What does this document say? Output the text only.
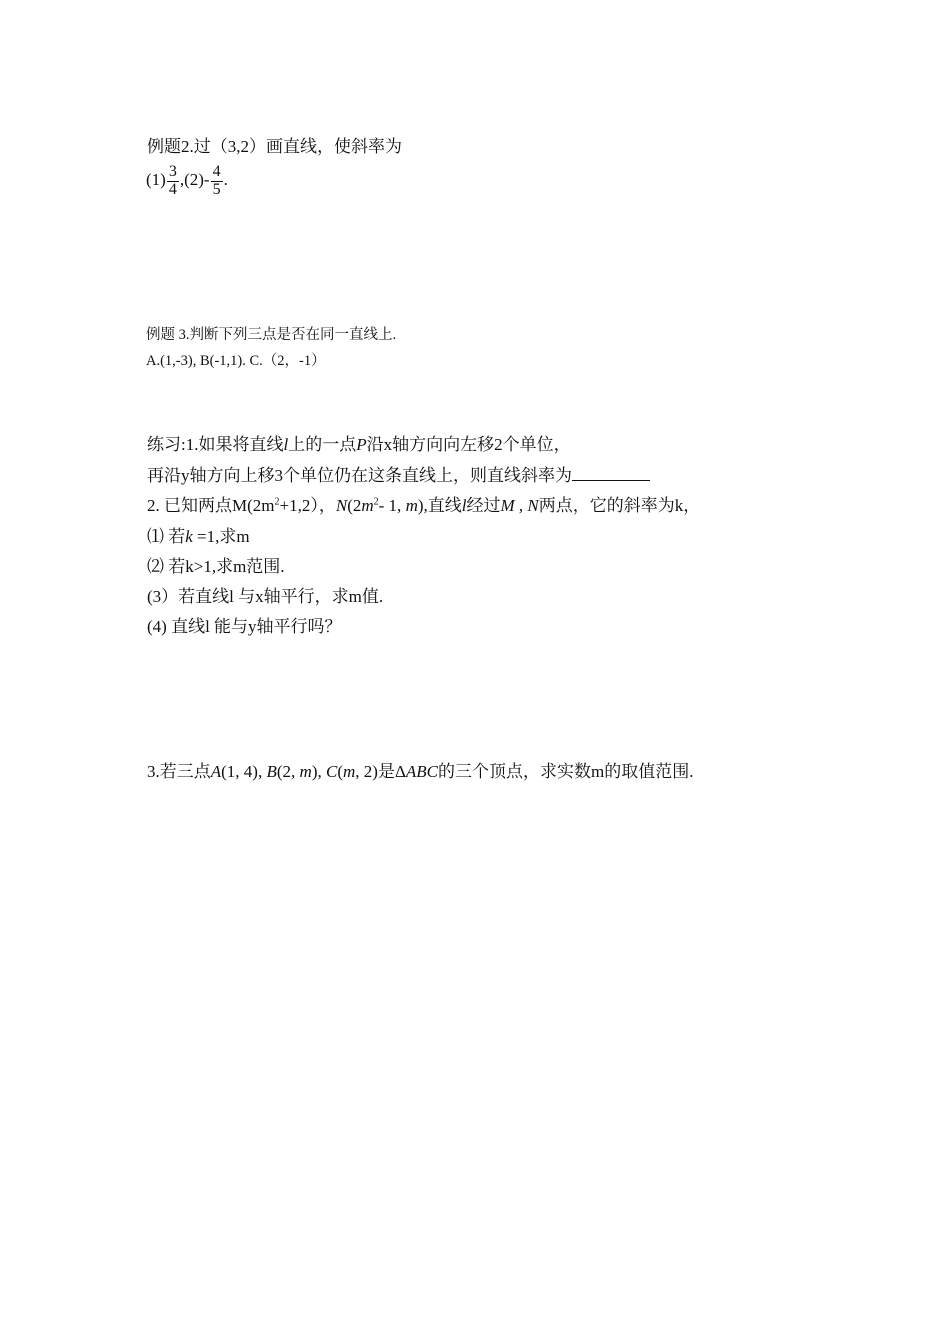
例题2.过（3,2）画直线，使斜率为
$(1) \frac{3}{4} ,(2)- \frac{4}{5}$ .
例题 3.判断下列三点是否在同一直线上.
A.(1,-3), B(-1,1). C.（2，-1）
练习:1.如果将直线l上的一点P沿x轴方向向左移2个单位，
再沿y轴方向上移3个单位仍在这条直线上，则直线斜率为
2. 已知两点$M(2m^2+1,2)$，$N(2m^2-$ 1, m),直线l经过M , N两点，它的斜率为k，
⑴ 若k =1,求m
⑵ 若k>1,求m范围.
(3）若直线l 与x轴平行，求m值.
(4) 直线l 能与y轴平行吗？
3.若三点A(1, 4), B(2, m), C(m, 2)是ΔABC的三个顶点，求实数m的取值范围.
